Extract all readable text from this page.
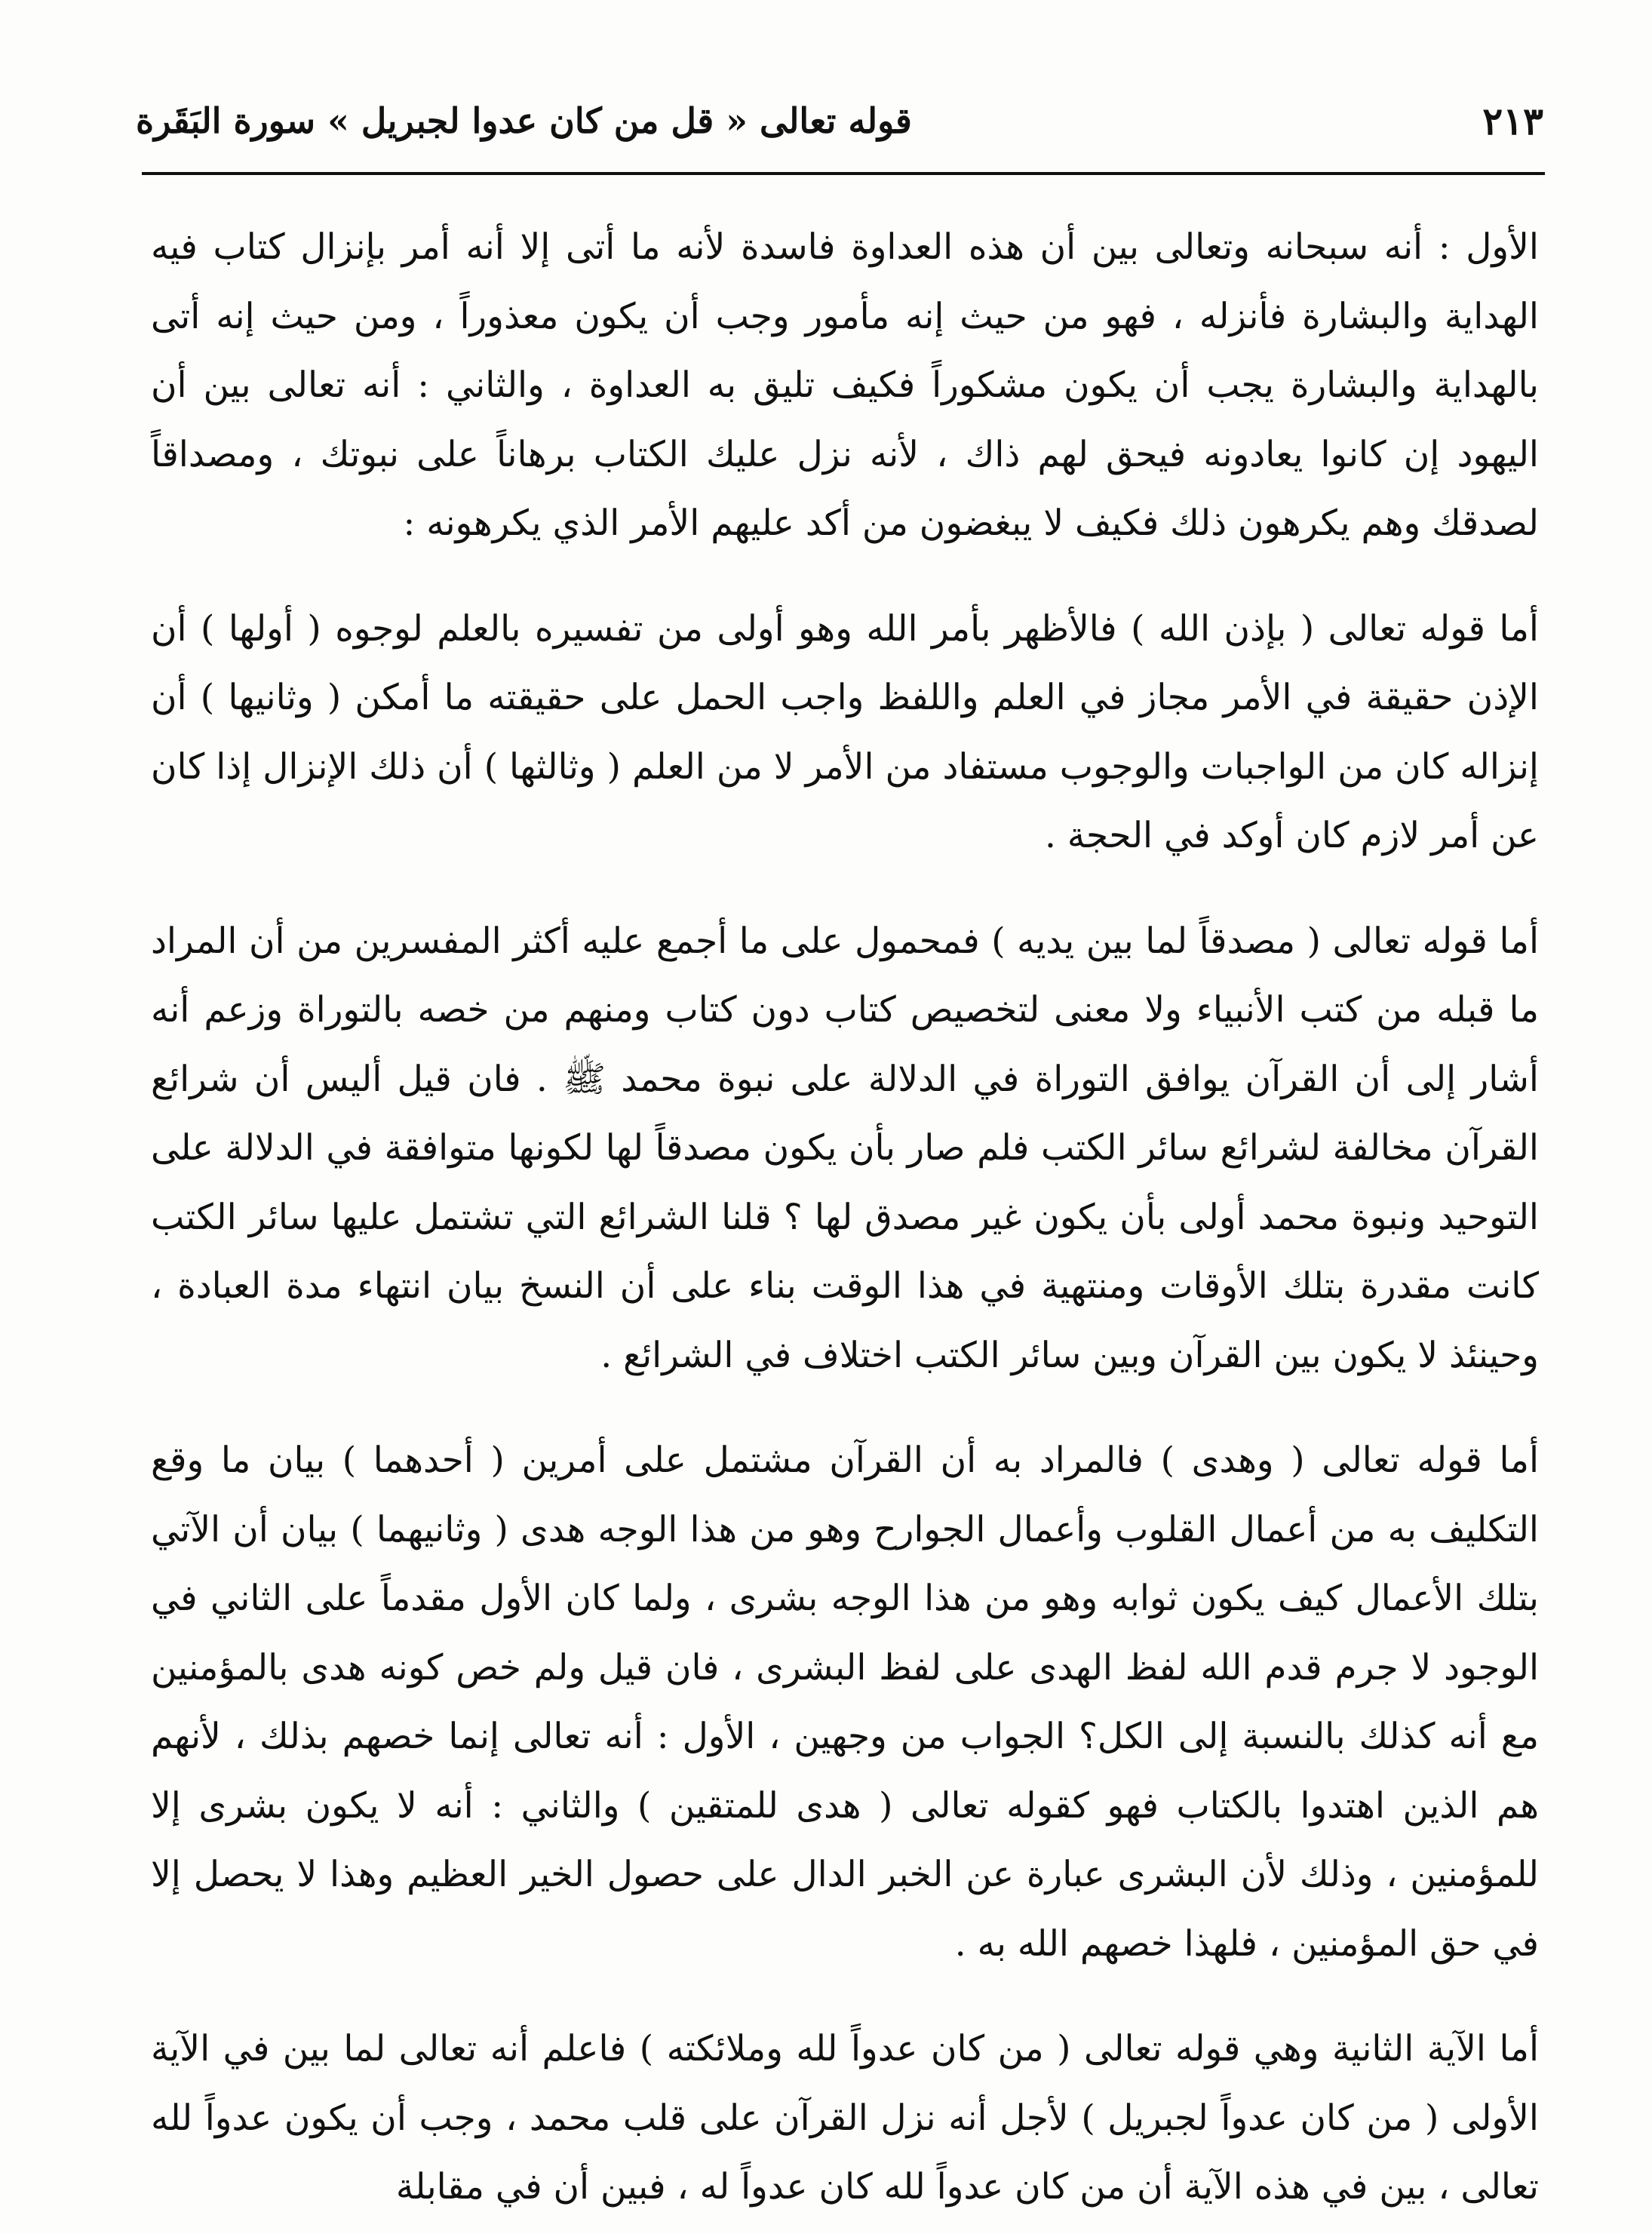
قوله تعالى « قل من كان عدوا لجبريل » سورة البَقَرة	٢١٣

الأول : أنه سبحانه وتعالى بين أن هذه العداوة فاسدة لأنه ما أتى إلا أنه أمر بإنزال كتاب فيه الهداية والبشارة فأنزله ، فهو من حيث إنه مأمور وجب أن يكون معذوراً ، ومن حيث إنه أتى بالهداية والبشارة يجب أن يكون مشكوراً فكيف تليق به العداوة ، والثاني : أنه تعالى بين أن اليهود إن كانوا يعادونه فيحق لهم ذاك ، لأنه نزل عليك الكتاب برهاناً على نبوتك ، ومصداقاً لصدقك وهم يكرهون ذلك فكيف لا يبغضون من أكد عليهم الأمر الذي يكرهونه :

أما قوله تعالى ( بإذن الله ) فالأظهر بأمر الله وهو أولى من تفسيره بالعلم لوجوه ( أولها ) أن الإذن حقيقة في الأمر مجاز في العلم واللفظ واجب الحمل على حقيقته ما أمكن ( وثانيها ) أن إنزاله كان من الواجبات والوجوب مستفاد من الأمر لا من العلم ( وثالثها ) أن ذلك الإنزال إذا كان عن أمر لازم كان أوكد في الحجة .

أما قوله تعالى ( مصدقاً لما بين يديه ) فمحمول على ما أجمع عليه أكثر المفسرين من أن المراد ما قبله من كتب الأنبياء ولا معنى لتخصيص كتاب دون كتاب ومنهم من خصه بالتوراة وزعم أنه أشار إلى أن القرآن يوافق التوراة في الدلالة على نبوة محمد ﷺ . فان قيل أليس أن شرائع القرآن مخالفة لشرائع سائر الكتب فلم صار بأن يكون مصدقاً لها لكونها متوافقة في الدلالة على التوحيد ونبوة محمد أولى بأن يكون غير مصدق لها ؟ قلنا الشرائع التي تشتمل عليها سائر الكتب كانت مقدرة بتلك الأوقات ومنتهية في هذا الوقت بناء على أن النسخ بيان انتهاء مدة العبادة ، وحينئذ لا يكون بين القرآن وبين سائر الكتب اختلاف في الشرائع .

أما قوله تعالى ( وهدى ) فالمراد به أن القرآن مشتمل على أمرين ( أحدهما ) بيان ما وقع التكليف به من أعمال القلوب وأعمال الجوارح وهو من هذا الوجه هدى ( وثانيهما ) بيان أن الآتي بتلك الأعمال كيف يكون ثوابه وهو من هذا الوجه بشرى ، ولما كان الأول مقدماً على الثاني في الوجود لا جرم قدم الله لفظ الهدى على لفظ البشرى ، فان قيل ولم خص كونه هدى بالمؤمنين مع أنه كذلك بالنسبة إلى الكل؟ الجواب من وجهين ، الأول : أنه تعالى إنما خصهم بذلك ، لأنهم هم الذين اهتدوا بالكتاب فهو كقوله تعالى ( هدى للمتقين ) والثاني : أنه لا يكون بشرى إلا للمؤمنين ، وذلك لأن البشرى عبارة عن الخبر الدال على حصول الخير العظيم وهذا لا يحصل إلا في حق المؤمنين ، فلهذا خصهم الله به .

أما الآية الثانية وهي قوله تعالى ( من كان عدواً لله وملائكته ) فاعلم أنه تعالى لما بين في الآية الأولى ( من كان عدواً لجبريل ) لأجل أنه نزل القرآن على قلب محمد ، وجب أن يكون عدواً لله تعالى ، بين في هذه الآية أن من كان عدواً لله كان عدواً له ، فبين أن في مقابلة
